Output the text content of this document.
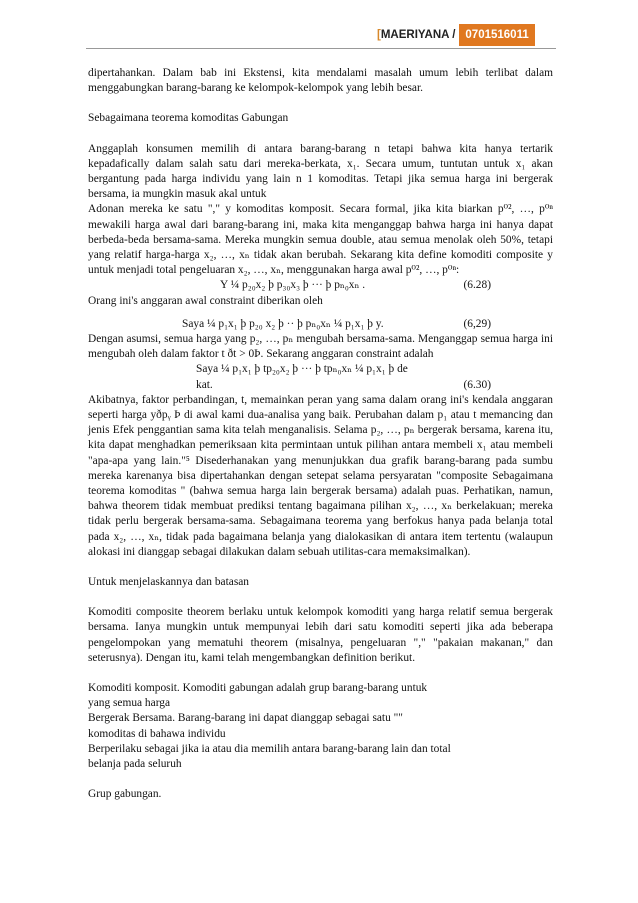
[ MAERIYANA / 0701516011

dipertahankan. Dalam bab ini Ekstensi, kita mendalami masalah umum lebih terlibat dalam menggabungkan barang-barang ke kelompok-kelompok yang lebih besar.

Sebagaimana teorema komoditas Gabungan

Anggaplah konsumen memilih di antara barang-barang n tetapi bahwa kita hanya tertarik kepadafically dalam salah satu dari mereka-berkata, x₁. Secara umum, tuntutan untuk x₁ akan bergantung pada harga individu yang lain n 1 komoditas. Tetapi jika semua harga ini bergerak bersama, ia mungkin masuk akal untuk

Adonan mereka ke satu "," y komoditas komposit. Secara formal, jika kita biarkan p⁰², …, p⁰ⁿ mewakili harga awal dari barang-barang ini, maka kita menganggap bahwa harga ini hanya dapat berbeda-beda bersama-sama. Mereka mungkin semua double, atau semua menolak oleh 50%, tetapi yang relatif harga-harga x₂, …, xₙ tidak akan berubah. Sekarang kita define komoditi composite y untuk menjadi total pengeluaran x₂, …, xₙ, menggunakan harga awal p⁰², …, p⁰ⁿ:

Y ¼ p₂₀x₂ þ p₃₀x₃ þ ··· þ pₙ₀xₙ .	(6.28)

Orang ini's anggaran awal constraint diberikan oleh

Saya ¼ p₁x₁ þ p₂₀ x₂ þ ·· þ pₙ₀xₙ ¼ p₁x₁ þ y.	(6,29)

Dengan asumsi, semua harga yang p₂, …, pₙ mengubah bersama-sama. Menganggap semua harga ini mengubah oleh dalam faktor t ðt > 0Þ. Sekarang anggaran constraint adalah

Saya ¼ p₁x₁ þ tp₂₀x₂ þ ··· þ tpₙ₀xₙ ¼ p₁x₁ þ de
kat.	(6.30)

Akibatnya, faktor perbandingan, t, memainkan peran yang sama dalam orang ini's kendala anggaran seperti harga yðpᵧ Þ di awal kami dua-analisa yang baik. Perubahan dalam p₁ atau t memancing dan jenis Efek penggantian sama kita telah menganalisis. Selama p₂, …, pₙ bergerak bersama, karena itu, kita dapat menghadkan pemeriksaan kita permintaan untuk pilihan antara membeli x₁ atau membeli "apa-apa yang lain."⁵ Disederhanakan yang menunjukkan dua grafik barang-barang pada sumbu mereka karenanya bisa dipertahankan dengan setepat selama persyaratan "composite Sebagaimana teorema komoditas " (bahwa semua harga lain bergerak bersama) adalah puas. Perhatikan, namun, bahwa theorem tidak membuat prediksi tentang bagaimana pilihan x₂, …, xₙ berkelakuan; mereka tidak perlu bergerak bersama-sama. Sebagaimana teorema yang berfokus hanya pada belanja total pada x₂, …, xₙ, tidak pada bagaimana belanja yang dialokasikan di antara item tertentu (walaupun alokasi ini dianggap sebagai dilakukan dalam sebuah utilitas-cara memaksimalkan).

Untuk menjelaskannya dan batasan

Komoditi composite theorem berlaku untuk kelompok komoditi yang harga relatif semua bergerak bersama. Ianya mungkin untuk mempunyai lebih dari satu komoditi seperti jika ada beberapa pengelompokan yang mematuhi theorem (misalnya, pengeluaran "," "pakaian makanan," dan seterusnya). Dengan itu, kami telah mengembangkan definition berikut.

Komoditi komposit. Komoditi gabungan adalah grup barang-barang untuk

yang semua harga

Bergerak Bersama. Barang-barang ini dapat dianggap sebagai satu ""

komoditas di bahawa individu

Berperilaku sebagai jika ia atau dia memilih antara barang-barang lain dan total

belanja pada seluruh

Grup gabungan.
